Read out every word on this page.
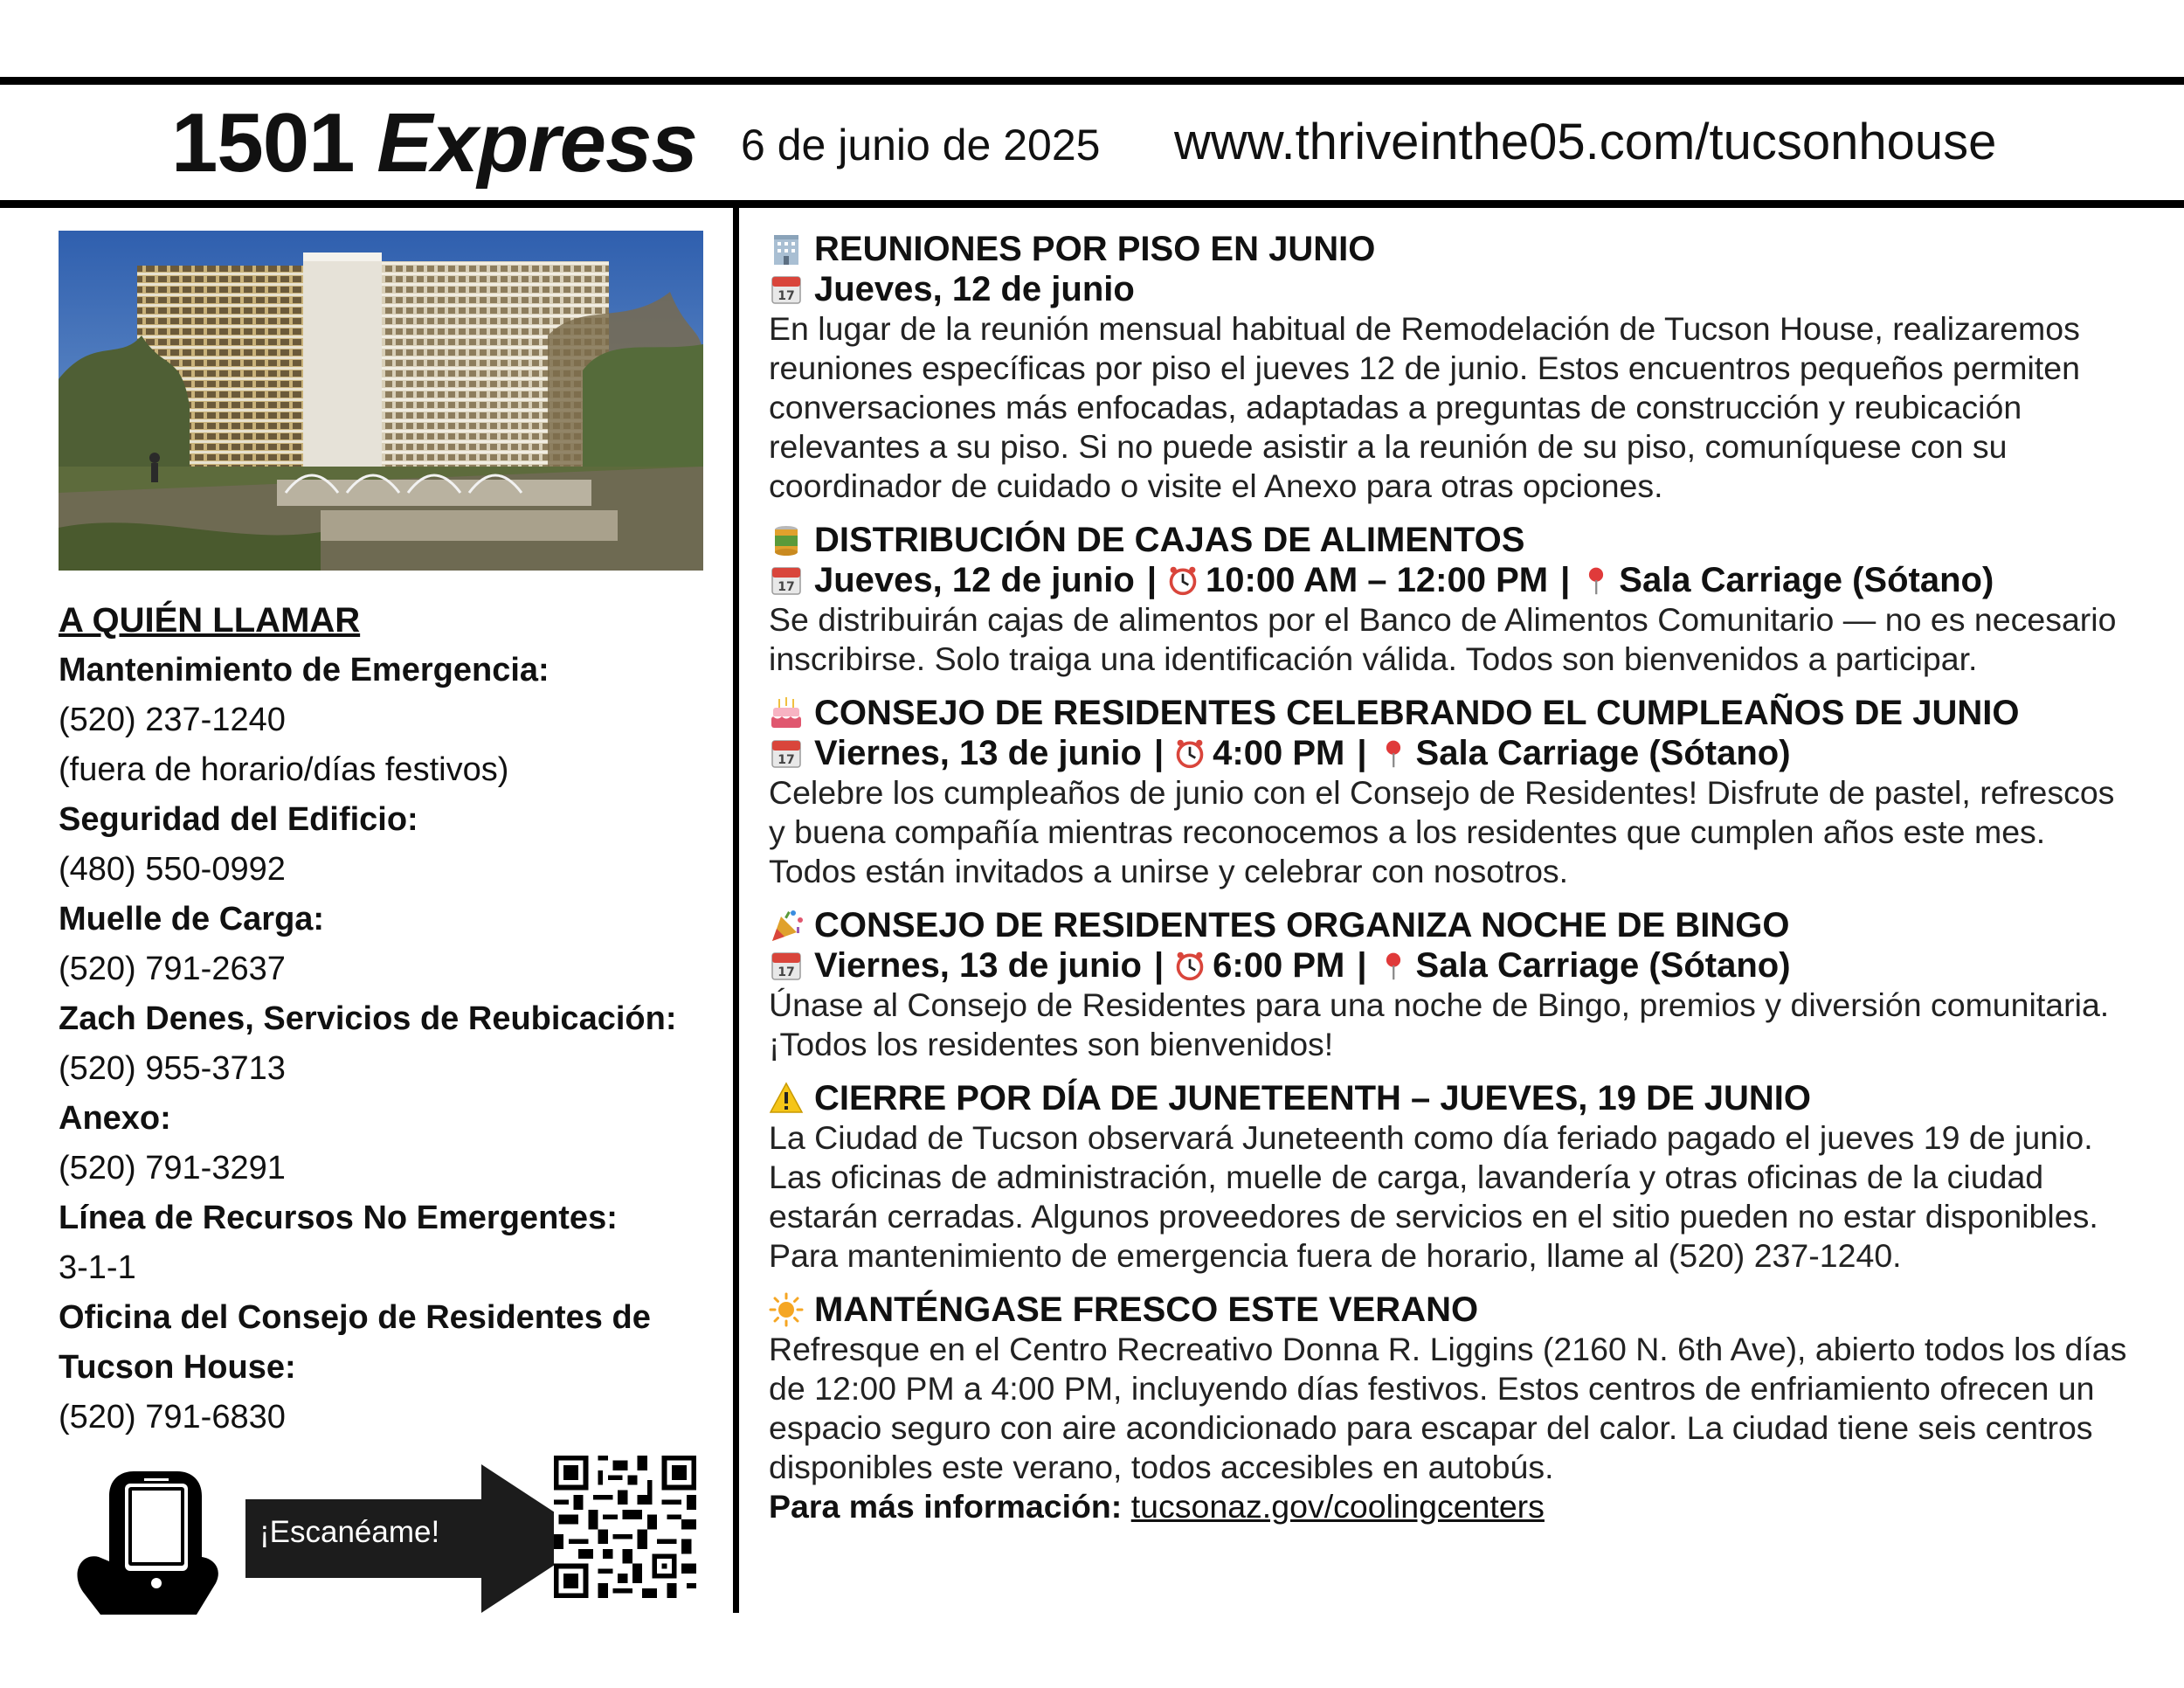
1501 Express 6 de junio de 2025 www.thriveinthe05.com/tucsonhouse
A QUIÉN LLAMAR
Mantenimiento de Emergencia:
(520) 237-1240
(fuera de horario/días festivos)
Seguridad del Edificio:
(480) 550-0992
Muelle de Carga:
(520) 791-2637
Zach Denes, Servicios de Reubicación:
(520) 955-3713
Anexo:
(520) 791-3291
Línea de Recursos No Emergentes:
3-1-1
Oficina del Consejo de Residentes de Tucson House:
(520) 791-6830
¡Escanéame!
REUNIONES POR PISO EN JUNIO
17 Jueves, 12 de junio
En lugar de la reunión mensual habitual de Remodelación de Tucson House, realizaremos reuniones específicas por piso el jueves 12 de junio. Estos encuentros pequeños permiten conversaciones más enfocadas, adaptadas a preguntas de construcción y reubicación relevantes a su piso. Si no puede asistir a la reunión de su piso, comuníquese con su coordinador de cuidado o visite el Anexo para otras opciones.
DISTRIBUCIÓN DE CAJAS DE ALIMENTOS
17 Jueves, 12 de junio | 10:00 AM – 12:00 PM | Sala Carriage (Sótano)
Se distribuirán cajas de alimentos por el Banco de Alimentos Comunitario — no es necesario inscribirse. Solo traiga una identificación válida. Todos son bienvenidos a participar.
CONSEJO DE RESIDENTES CELEBRANDO EL CUMPLEAÑOS DE JUNIO
17 Viernes, 13 de junio | 4:00 PM | Sala Carriage (Sótano)
Celebre los cumpleaños de junio con el Consejo de Residentes! Disfrute de pastel, refrescos y buena compañía mientras reconocemos a los residentes que cumplen años este mes. Todos están invitados a unirse y celebrar con nosotros.
CONSEJO DE RESIDENTES ORGANIZA NOCHE DE BINGO
17 Viernes, 13 de junio | 6:00 PM | Sala Carriage (Sótano)
Únase al Consejo de Residentes para una noche de Bingo, premios y diversión comunitaria. ¡Todos los residentes son bienvenidos!
CIERRE POR DÍA DE JUNETEENTH – JUEVES, 19 DE JUNIO
La Ciudad de Tucson observará Juneteenth como día feriado pagado el jueves 19 de junio. Las oficinas de administración, muelle de carga, lavandería y otras oficinas de la ciudad estarán cerradas. Algunos proveedores de servicios en el sitio pueden no estar disponibles. Para mantenimiento de emergencia fuera de horario, llame al (520) 237-1240.
MANTÉNGASE FRESCO ESTE VERANO
Refresque en el Centro Recreativo Donna R. Liggins (2160 N. 6th Ave), abierto todos los días de 12:00 PM a 4:00 PM, incluyendo días festivos. Estos centros de enfriamiento ofrecen un espacio seguro con aire acondicionado para escapar del calor. La ciudad tiene seis centros disponibles este verano, todos accesibles en autobús.
Para más información: tucsonaz.gov/coolingcenters
